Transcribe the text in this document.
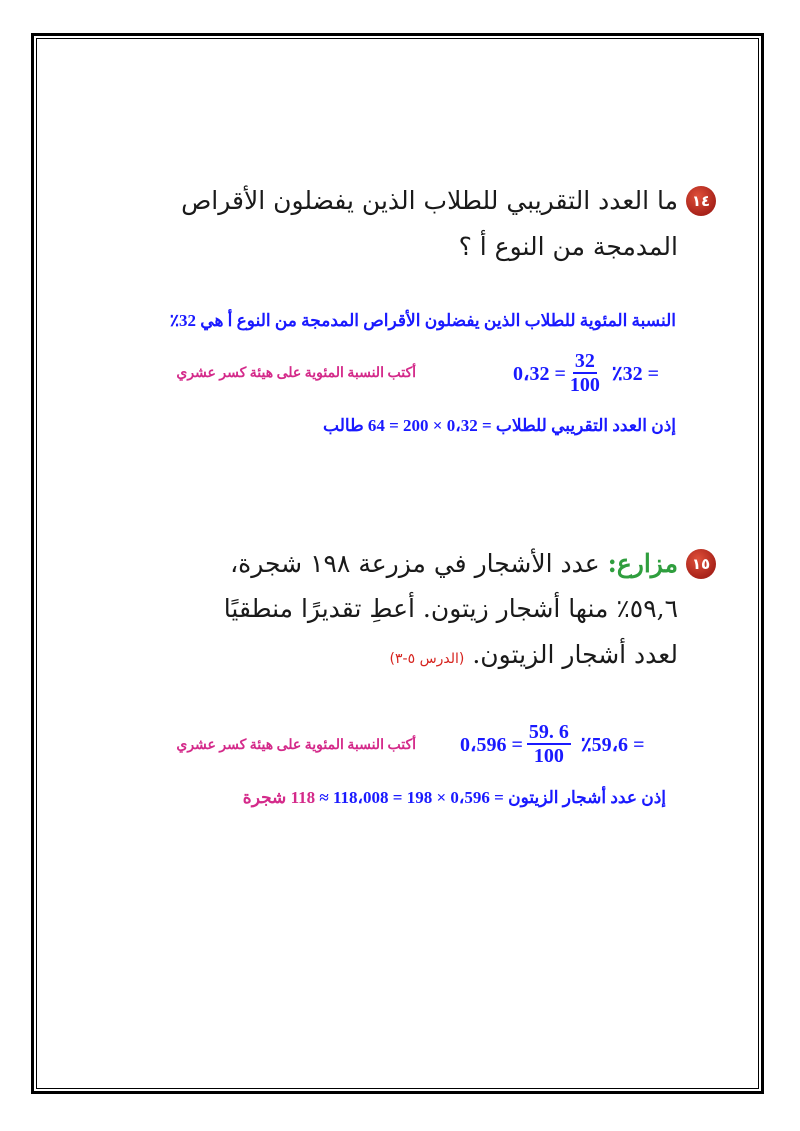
١٤
ما العدد التقريبي للطلاب الذين يفضلون الأقراص
المدمجة من النوع أ ؟
النسبة المئوية للطلاب الذين يفضلون الأقراص المدمجة من النوع أ هي 32٪
0،32 = $\frac{32}{100}$ = ٪32
أكتب النسبة المئوية على هيئة كسر عشري
إذن العدد التقريبي للطلاب = 0،32 × 200 = 64 طالب
١٥
مزارع: عدد الأشجار في مزرعة ١٩٨ شجرة،
٥٩,٦٪ منها أشجار زيتون. أعطِ تقديرًا منطقيًا
لعدد أشجار الزيتون. (الدرس ٥-٣)
0،596 = $\frac{59. 6}{100}$ = ٪59،6
أكتب النسبة المئوية على هيئة كسر عشري
إذن عدد أشجار الزيتون = 0،596 × 198 = 118،008 ≈ 118 شجرة
